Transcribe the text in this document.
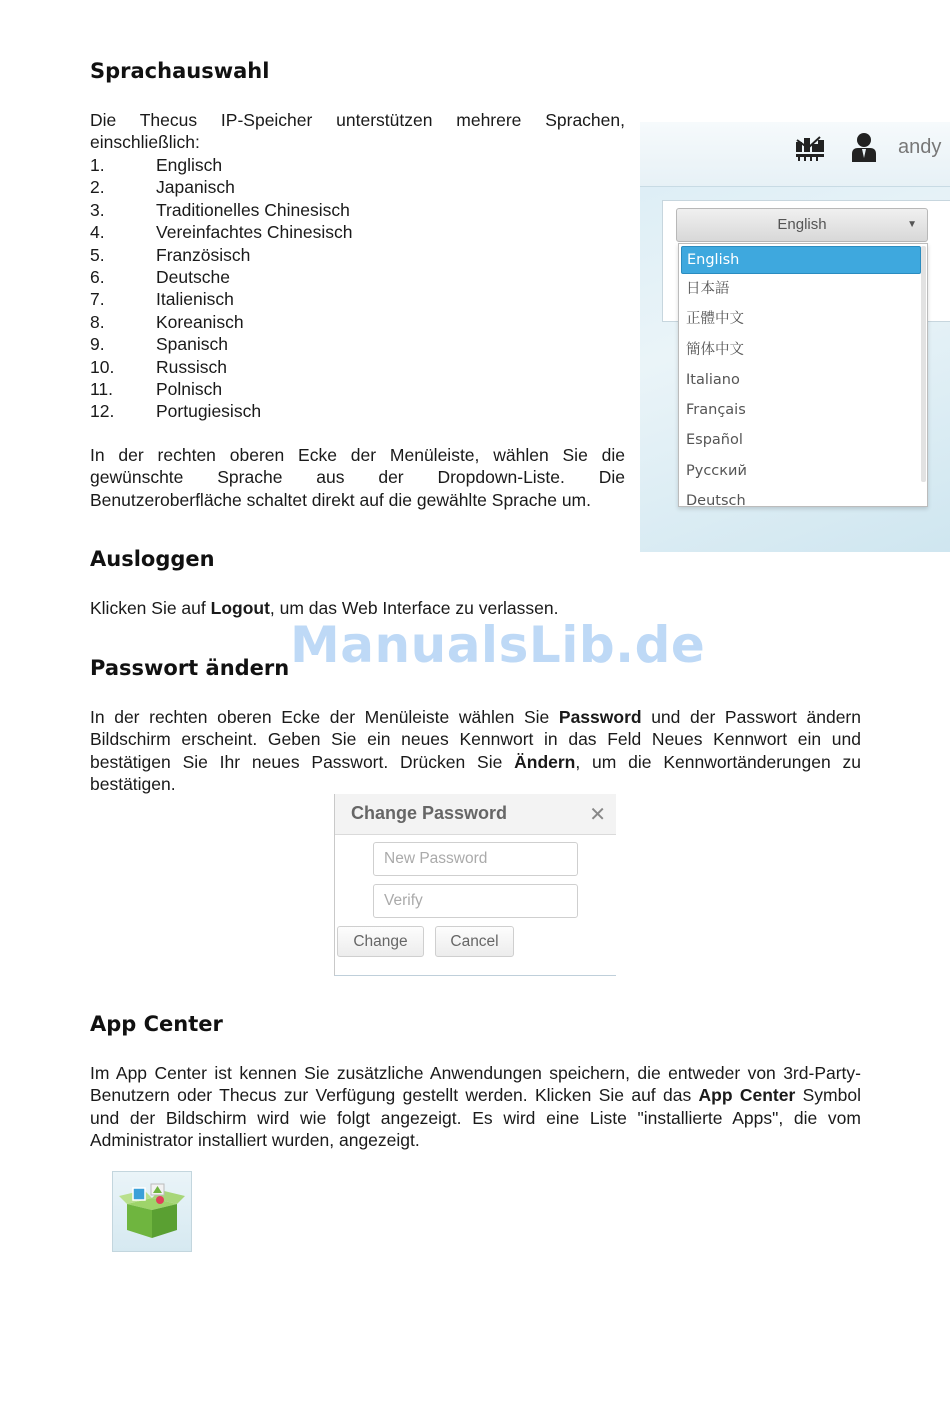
Sprachauswahl

Die Thecus IP-Speicher unterstützen mehrere Sprachen, einschließlich:

1.	Englisch
2.	Japanisch
3.	Traditionelles Chinesisch
4.	Vereinfachtes Chinesisch
5.	Französisch
6.	Deutsche
7.	Italienisch
8.	Koreanisch
9.	Spanisch
10.	Russisch
11.	Polnisch
12.	Portugiesisch

In der rechten oberen Ecke der Menüleiste, wählen Sie die gewünschte Sprache aus der Dropdown-Liste. Die Benutzeroberfläche schaltet direkt auf die gewählte Sprache um.

andy
English	▼
English
日本語
正體中文
簡体中文
Italiano
Français
Español
Русский
Deutsch
Ausloggen

Klicken Sie auf Logout, um das Web Interface zu verlassen.

ManualsLib.de

Passwort ändern

In der rechten oberen Ecke der Menüleiste wählen Sie Password und der Passwort ändern Bildschirm erscheint. Geben Sie ein neues Kennwort in das Feld Neues Kennwort ein und bestätigen Sie Ihr neues Passwort. Drücken Sie Ändern, um die Kennwortänderungen zu bestätigen.

Change Password	✕
Change	Cancel
App Center

Im App Center ist kennen Sie zusätzliche Anwendungen speichern, die entweder von 3rd-Party-Benutzern oder Thecus zur Verfügung gestellt werden. Klicken Sie auf das App Center Symbol und der Bildschirm wird wie folgt angezeigt. Es wird eine Liste "installierte Apps", die vom Administrator installiert wurden, angezeigt.
